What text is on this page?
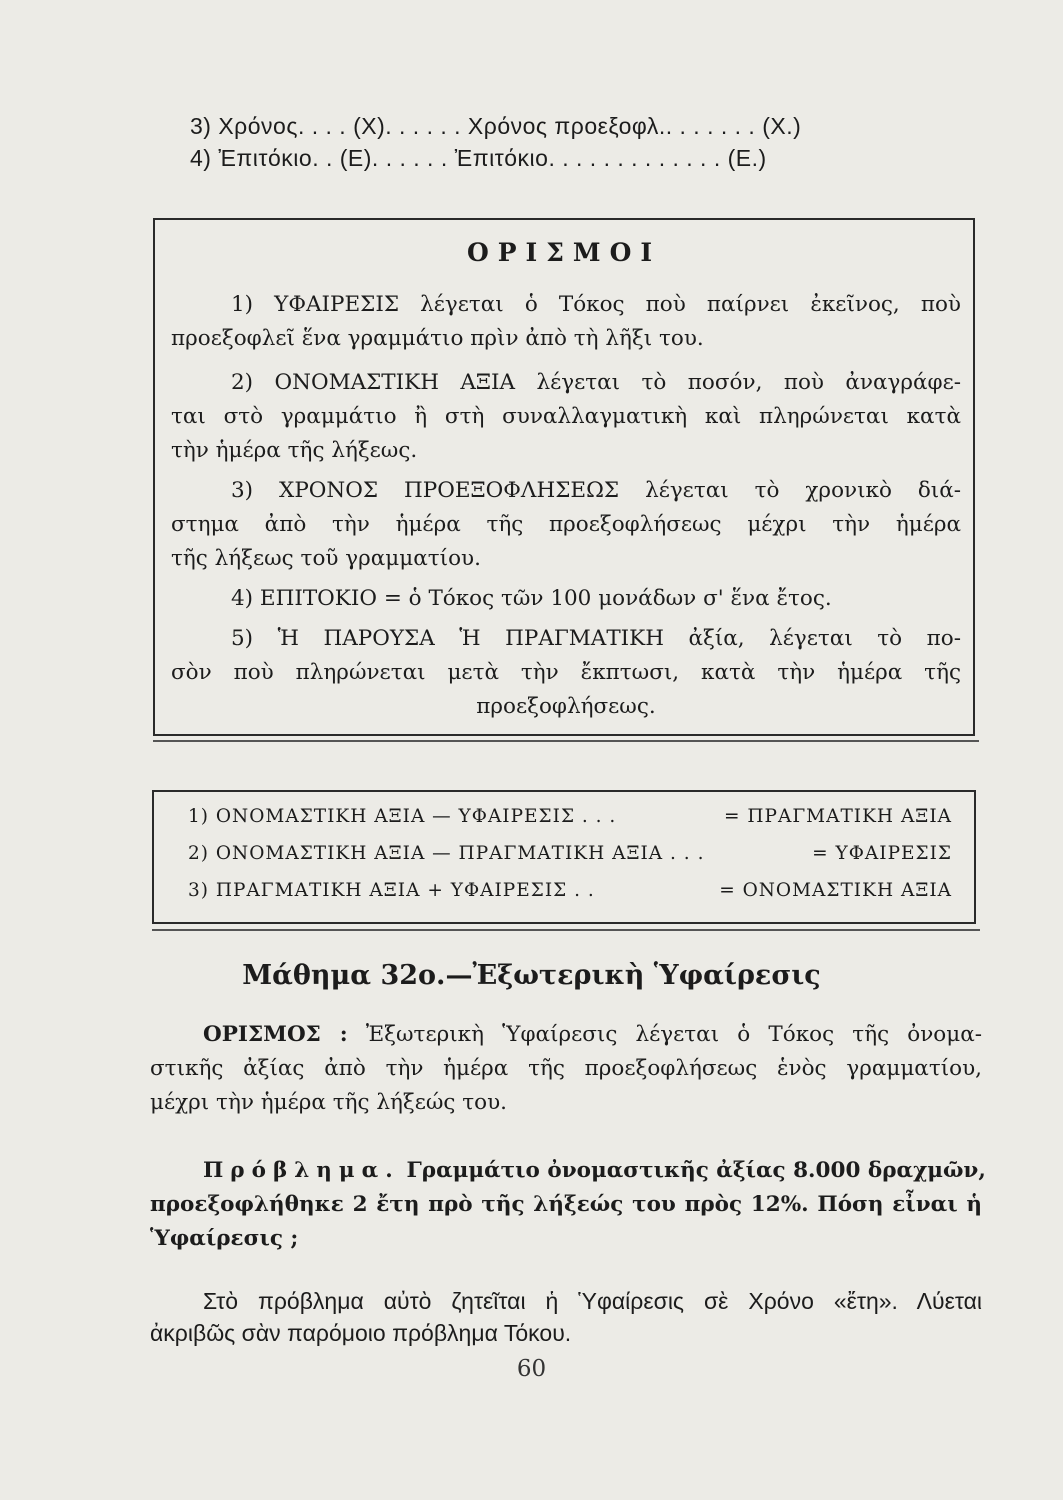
3) Χρόνος. . . . (Χ). . . . . . Χρόνος προεξοφλ.. . . . . . . (Χ.)
4) Ἐπιτόκιο. . (Ε). . . . . . Ἐπιτόκιο. . . . . . . . . . . . . (Ε.)
ΟΡΙΣΜΟΙ
1) ΥΦΑΙΡΕΣΙΣ λέγεται ὁ Τόκος ποὺ παίρνει ἐκεῖνος, ποὺ
προεξοφλεῖ ἕνα γραμμάτιο πρὶν ἀπὸ τὴ λῆξι του.
2) ΟΝΟΜΑΣΤΙΚΗ ΑΞΙΑ λέγεται τὸ ποσόν, ποὺ ἀναγράφε-
ται στὸ γραμμάτιο ἢ στὴ συναλλαγματικὴ καὶ πληρώνεται κατὰ
τὴν ἡμέρα τῆς λήξεως.
3) ΧΡΟΝΟΣ ΠΡΟΕΞΟΦΛΗΣΕΩΣ λέγεται τὸ χρονικὸ διά-
στημα ἀπὸ τὴν ἡμέρα τῆς προεξοφλήσεως μέχρι τὴν ἡμέρα
τῆς λήξεως τοῦ γραμματίου.
4) ΕΠΙΤΟΚΙΟ = ὁ Τόκος τῶν 100 μονάδων σ' ἕνα ἔτος.
5) Ἡ ΠΑΡΟΥΣΑ Ἡ ΠΡΑΓΜΑΤΙΚΗ ἀξία, λέγεται τὸ πο-
σὸν ποὺ πληρώνεται μετὰ τὴν ἔκπτωσι, κατὰ τὴν ἡμέρα τῆς
προεξοφλήσεως.
1) ΟΝΟΜΑΣΤΙΚΗ ΑΞΙΑ — ΥΦΑΙΡΕΣΙΣ . . .	= ΠΡΑΓΜΑΤΙΚΗ ΑΞΙΑ
2) ΟΝΟΜΑΣΤΙΚΗ ΑΞΙΑ — ΠΡΑΓΜΑΤΙΚΗ ΑΞΙΑ . . .	= ΥΦΑΙΡΕΣΙΣ
3) ΠΡΑΓΜΑΤΙΚΗ ΑΞΙΑ + ΥΦΑΙΡΕΣΙΣ . .	= ΟΝΟΜΑΣΤΙΚΗ ΑΞΙΑ
Μάθημα 32ο.—Ἐξωτερικὴ Ὑφαίρεσις
ΟΡΙΣΜΟΣ : Ἐξωτερικὴ Ὑφαίρεσις λέγεται ὁ Τόκος τῆς ὀνομα-
στικῆς ἀξίας ἀπὸ τὴν ἡμέρα τῆς προεξοφλήσεως ἑνὸς γραμματίου,
μέχρι τὴν ἡμέρα τῆς λήξεώς του.
Πρόβλημα. Γραμμάτιο ὀνομαστικῆς ἀξίας 8.000 δραχμῶν,
προεξοφλήθηκε 2 ἔτη πρὸ τῆς λήξεώς του πρὸς 12%. Πόση εἶναι ἡ
Ὑφαίρεσις ;
Στὸ πρόβλημα αὐτὸ ζητεῖται ἡ Ὑφαίρεσις σὲ Χρόνο «ἔτη». Λύεται
ἀκριβῶς σὰν παρόμοιο πρόβλημα Τόκου.
60
